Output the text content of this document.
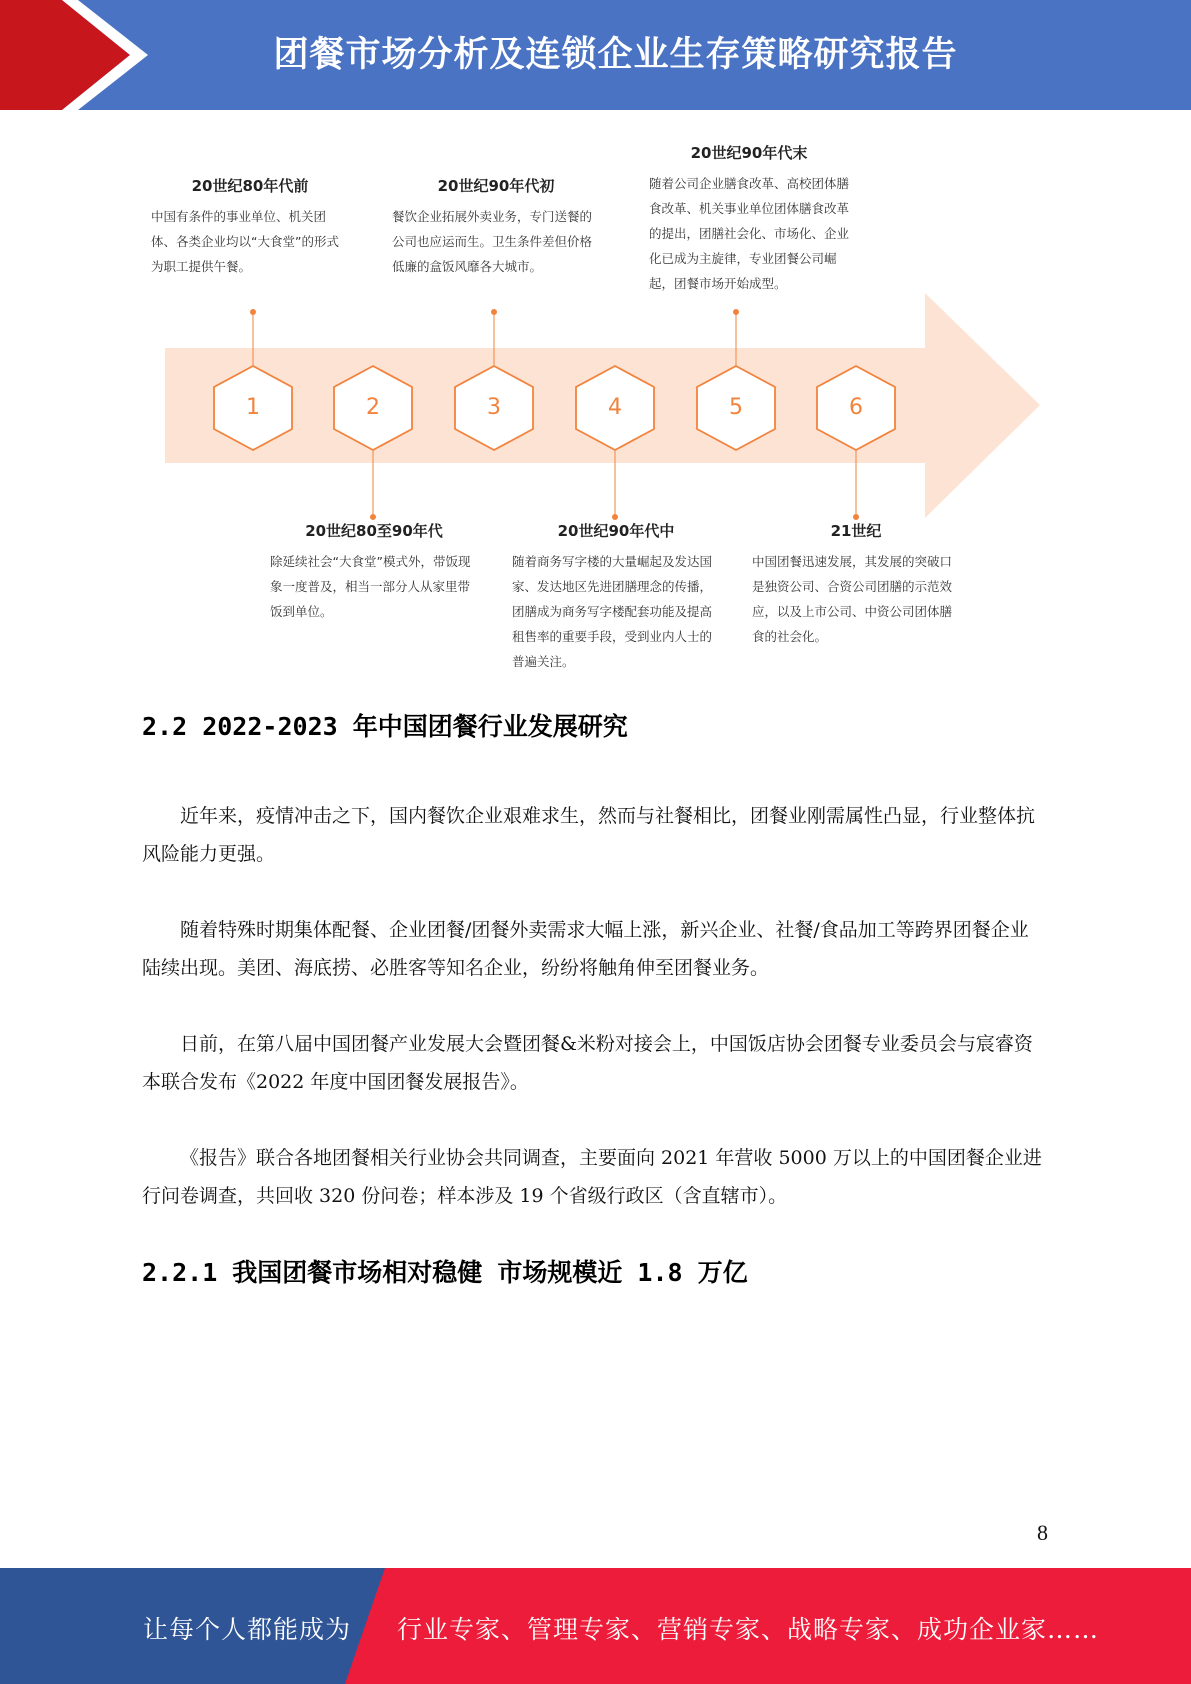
团餐市场分析及连锁企业生存策略研究报告
1	2	3	4	5	6
20世纪80年代前
中国有条件的事业单位、机关团体、各类企业均以“大食堂”的形式为职工提供午餐。
20世纪90年代初
餐饮企业拓展外卖业务，专门送餐的公司也应运而生。卫生条件差但价格低廉的盒饭风靡各大城市。
20世纪90年代末
随着公司企业膳食改革、高校团体膳食改革、机关事业单位团体膳食改革的提出，团膳社会化、市场化、企业化已成为主旋律，专业团餐公司崛起，团餐市场开始成型。
20世纪80至90年代
除延续社会“大食堂”模式外，带饭现象一度普及，相当一部分人从家里带饭到单位。
20世纪90年代中
随着商务写字楼的大量崛起及发达国家、发达地区先进团膳理念的传播，团膳成为商务写字楼配套功能及提高租售率的重要手段，受到业内人士的普遍关注。
21世纪
中国团餐迅速发展，其发展的突破口是独资公司、合资公司团膳的示范效应，以及上市公司、中资公司团体膳食的社会化。
2.2 2022-2023 年中国团餐行业发展研究

近年来，疫情冲击之下，国内餐饮企业艰难求生，然而与社餐相比，团餐业刚需属性凸显，行业整体抗风险能力更强。

随着特殊时期集体配餐、企业团餐/团餐外卖需求大幅上涨，新兴企业、社餐/食品加工等跨界团餐企业陆续出现。美团、海底捞、必胜客等知名企业，纷纷将触角伸至团餐业务。

日前，在第八届中国团餐产业发展大会暨团餐&米粉对接会上，中国饭店协会团餐专业委员会与宸睿资本联合发布《2022 年度中国团餐发展报告》。

《报告》联合各地团餐相关行业协会共同调查，主要面向 2021 年营收 5000 万以上的中国团餐企业进行问卷调查，共回收 320 份问卷；样本涉及 19 个省级行政区（含直辖市）。

2.2.1 我国团餐市场相对稳健 市场规模近 1.8 万亿
8
让每个人都能成为 行业专家、管理专家、营销专家、战略专家、成功企业家……
